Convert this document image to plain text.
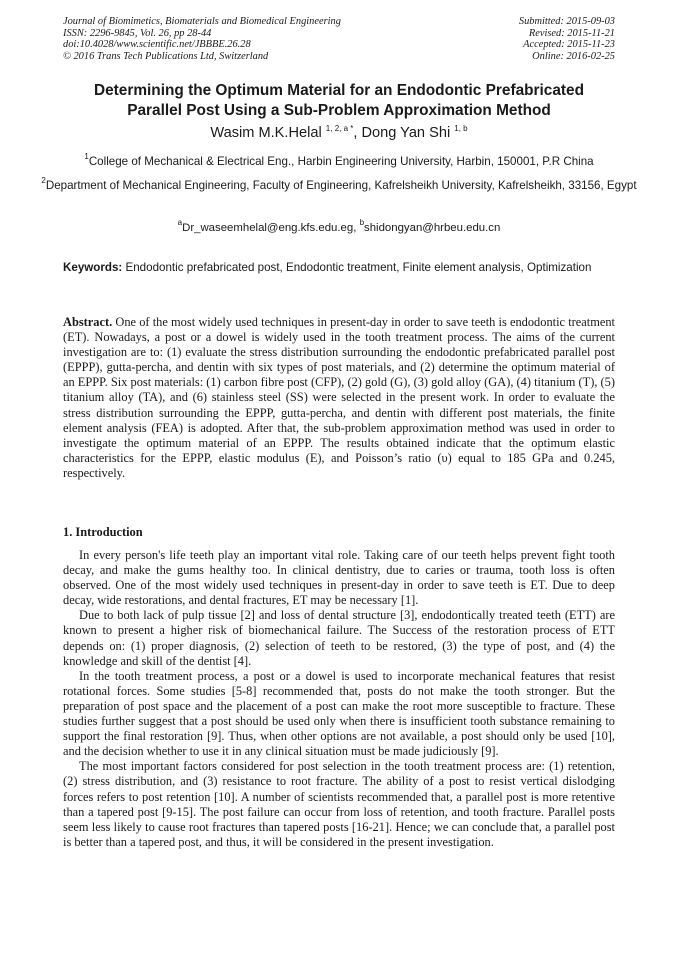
Journal of Biomimetics, Biomaterials and Biomedical Engineering
ISSN: 2296-9845, Vol. 26, pp 28-44
doi:10.4028/www.scientific.net/JBBBE.26.28
© 2016 Trans Tech Publications Ltd, Switzerland
Submitted: 2015-09-03
Revised: 2015-11-21
Accepted: 2015-11-23
Online: 2016-02-25
Determining the Optimum Material for an Endodontic Prefabricated
Parallel Post Using a Sub-Problem Approximation Method
Wasim M.K.Helal $^{1, 2, a *}$, Dong Yan Shi $^{1, b}$
$^1$College of Mechanical & Electrical Eng., Harbin Engineering University, Harbin, 150001, P.R China
$^2$Department of Mechanical Engineering, Faculty of Engineering, Kafrelsheikh University, Kafrelsheikh, 33156, Egypt
$^a$Dr_waseemhelal@eng.kfs.edu.eg, $^b$shidongyan@hrbeu.edu.cn
Keywords: Endodontic prefabricated post, Endodontic treatment, Finite element analysis, Optimization
Abstract. One of the most widely used techniques in present-day in order to save teeth is endodontic treatment (ET). Nowadays, a post or a dowel is widely used in the tooth treatment process. The aims of the current investigation are to: (1) evaluate the stress distribution surrounding the endodontic prefabricated parallel post (EPPP), gutta-percha, and dentin with six types of post materials, and (2) determine the optimum material of an EPPP. Six post materials: (1) carbon fibre post (CFP), (2) gold (G), (3) gold alloy (GA), (4) titanium (T), (5) titanium alloy (TA), and (6) stainless steel (SS) were selected in the present work. In order to evaluate the stress distribution surrounding the EPPP, gutta-percha, and dentin with different post materials, the finite element analysis (FEA) is adopted. After that, the sub-problem approximation method was used in order to investigate the optimum material of an EPPP. The results obtained indicate that the optimum elastic characteristics for the EPPP, elastic modulus (E), and Poisson’s ratio (υ) equal to 185 GPa and 0.245, respectively.
1. Introduction

In every person's life teeth play an important vital role. Taking care of our teeth helps prevent fight tooth decay, and make the gums healthy too. In clinical dentistry, due to caries or trauma, tooth loss is often observed. One of the most widely used techniques in present-day in order to save teeth is ET. Due to deep decay, wide restorations, and dental fractures, ET may be necessary [1].

Due to both lack of pulp tissue [2] and loss of dental structure [3], endodontically treated teeth (ETT) are known to present a higher risk of biomechanical failure. The Success of the restoration process of ETT depends on: (1) proper diagnosis, (2) selection of teeth to be restored, (3) the type of post, and (4) the knowledge and skill of the dentist [4].

In the tooth treatment process, a post or a dowel is used to incorporate mechanical features that resist rotational forces. Some studies [5-8] recommended that, posts do not make the tooth stronger. But the preparation of post space and the placement of a post can make the root more susceptible to fracture. These studies further suggest that a post should be used only when there is insufficient tooth substance remaining to support the final restoration [9]. Thus, when other options are not available, a post should only be used [10], and the decision whether to use it in any clinical situation must be made judiciously [9].

The most important factors considered for post selection in the tooth treatment process are: (1) retention, (2) stress distribution, and (3) resistance to root fracture. The ability of a post to resist vertical dislodging forces refers to post retention [10]. A number of scientists recommended that, a parallel post is more retentive than a tapered post [9-15]. The post failure can occur from loss of retention, and tooth fracture. Parallel posts seem less likely to cause root fractures than tapered posts [16-21]. Hence; we can conclude that, a parallel post is better than a tapered post, and thus, it will be considered in the present investigation.
